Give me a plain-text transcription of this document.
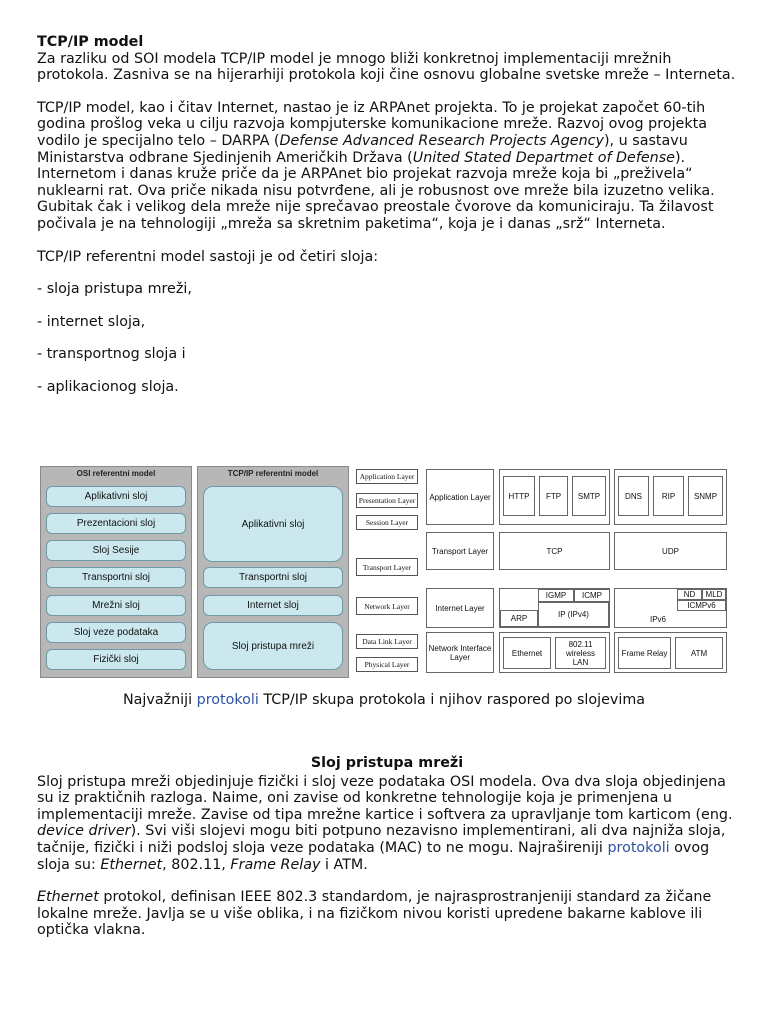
TCP/IP model
Za razliku od SOI modela TCP/IP model je mnogo bliži konkretnoj implementaciji mrežnih protokola. Zasniva se na hijerarhiji protokola koji čine osnovu globalne svetske mreže – Interneta.

TCP/IP model, kao i čitav Internet, nastao je iz ARPAnet projekta. To je projekat započet 60-tih godina prošlog veka u cilju razvoja kompjuterske komunikacione mreže. Razvoj ovog projekta vodilo je specijalno telo – DARPA (Defense Advanced Research Projects Agency), u sastavu Ministarstva odbrane Sjedinjenih Američkih Država (United Stated Departmet of Defense). Internetom i danas kruže priče da je ARPAnet bio projekat razvoja mreže koja bi „preživela“ nuklearni rat. Ova priče nikada nisu potvrđene, ali je robusnost ove mreže bila izuzetno velika. Gubitak čak i velikog dela mreže nije sprečavao preostale čvorove da komuniciraju. Ta žilavost počivala je na tehnologiji „mreža sa skretnim paketima“, koja je i danas „srž“ Interneta.

TCP/IP referentni model sastoji je od četiri sloja:

- sloja pristupa mreži,

- internet sloja,

- transportnog sloja i

- aplikacionog sloja.

OSI referentni model
Aplikativni sloj
Prezentacioni sloj
Sloj Sesije
Transportni sloj
Mrežni sloj
Sloj veze podataka
Fizički sloj
TCP/IP referentni model
Aplikativni sloj
Transportni sloj
Internet sloj
Sloj pristupa mreži
Application Layer
Presentation Layer
Session Layer
Transport Layer
Network Layer
Data Link Layer
Physical Layer
Application Layer
Transport Layer
Internet Layer
Network Interface Layer
HTTP	FTP	SMTP	DNS	RIP	SNMP
TCP	UDP
IGMP	ICMP
ARP	IP (IPv4)
IPv6
ND	MLD
ICMPv6
Ethernet
802.11 wireless LAN
Frame Relay	ATM
Najvažniji protokoli TCP/IP skupa protokola i njihov raspored po slojevima

Sloj pristupa mreži

Sloj pristupa mreži objedinjuje fizički i sloj veze podataka OSI modela. Ova dva sloja objedinjena su iz praktičnih razloga. Naime, oni zavise od konkretne tehnologije koja je primenjena u implementaciji mreže. Zavise od tipa mrežne kartice i softvera za upravljanje tom karticom (eng. device driver). Svi viši slojevi mogu biti potpuno nezavisno implementirani, ali dva najniža sloja, tačnije, fizički i niži podsloj sloja veze podataka (MAC) to ne mogu. Najrašireniji protokoli ovog sloja su: Ethernet, 802.11, Frame Relay i ATM.

Ethernet protokol, definisan IEEE 802.3 standardom, je najrasprostranjeniji standard za žičane lokalne mreže. Javlja se u više oblika, i na fizičkom nivou koristi upredene bakarne kablove ili optička vlakna.
